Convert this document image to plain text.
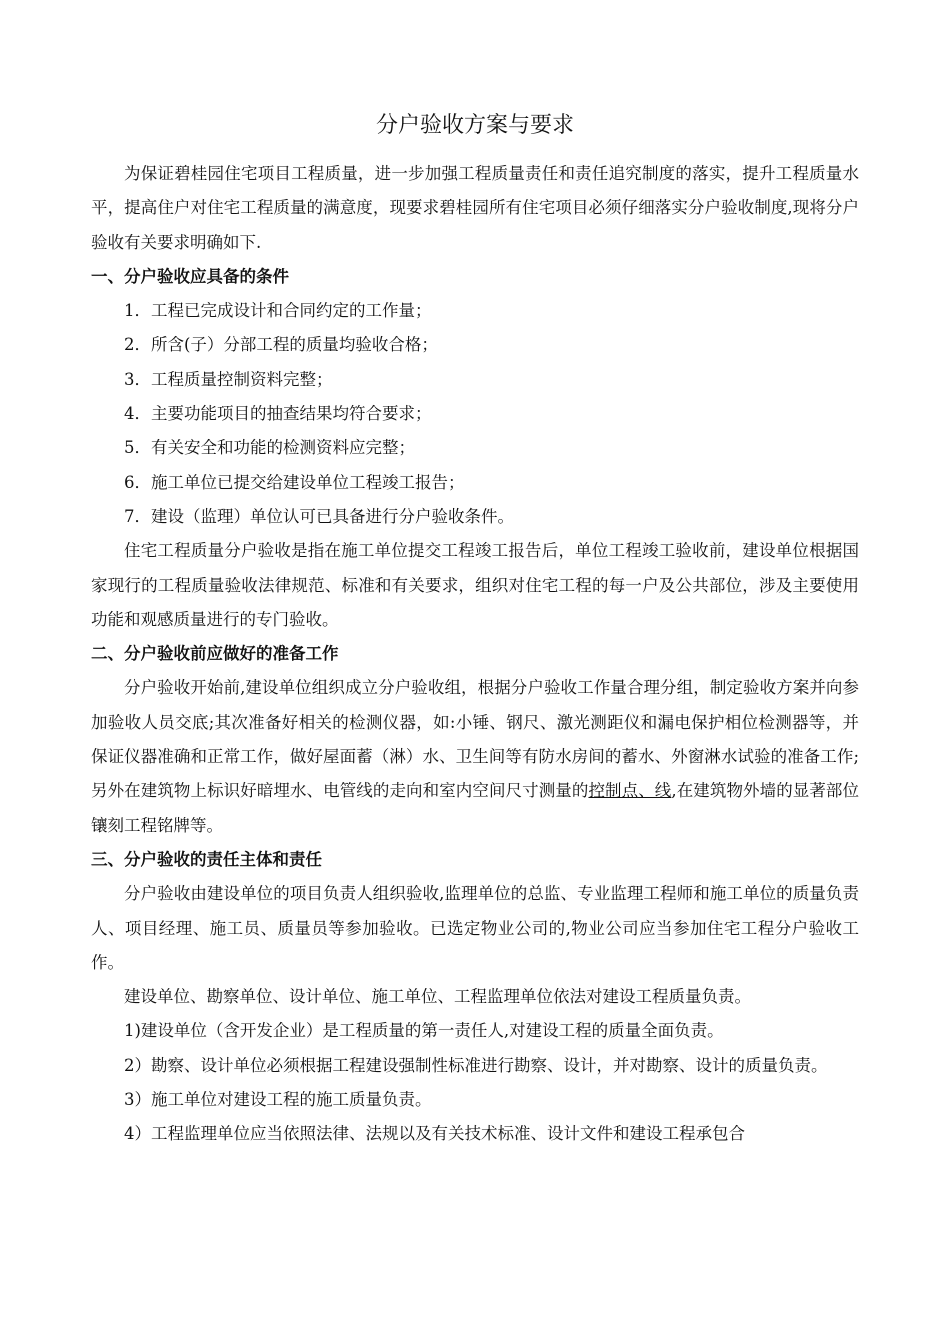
分户验收方案与要求

为保证碧桂园住宅项目工程质量，进一步加强工程质量责任和责任追究制度的落实，提升工程质量水平，提高住户对住宅工程质量的满意度，现要求碧桂园所有住宅项目必须仔细落实分户验收制度,现将分户验收有关要求明确如下.

一、分户验收应具备的条件

1．工程已完成设计和合同约定的工作量；

2．所含(子）分部工程的质量均验收合格；

3．工程质量控制资料完整；

4．主要功能项目的抽查结果均符合要求；

5．有关安全和功能的检测资料应完整；

6．施工单位已提交给建设单位工程竣工报告；

7．建设（监理）单位认可已具备进行分户验收条件。

住宅工程质量分户验收是指在施工单位提交工程竣工报告后，单位工程竣工验收前，建设单位根据国家现行的工程质量验收法律规范、标准和有关要求，组织对住宅工程的每一户及公共部位，涉及主要使用功能和观感质量进行的专门验收。

二、分户验收前应做好的准备工作

分户验收开始前,建设单位组织成立分户验收组，根据分户验收工作量合理分组，制定验收方案并向参加验收人员交底;其次准备好相关的检测仪器，如:小锤、钢尺、激光测距仪和漏电保护相位检测器等，并保证仪器准确和正常工作，做好屋面蓄（淋）水、卫生间等有防水房间的蓄水、外窗淋水试验的准备工作;另外在建筑物上标识好暗埋水、电管线的走向和室内空间尺寸测量的控制点、线,在建筑物外墙的显著部位镶刻工程铭牌等。

三、分户验收的责任主体和责任

分户验收由建设单位的项目负责人组织验收,监理单位的总监、专业监理工程师和施工单位的质量负责人、项目经理、施工员、质量员等参加验收。已选定物业公司的,物业公司应当参加住宅工程分户验收工作。

建设单位、勘察单位、设计单位、施工单位、工程监理单位依法对建设工程质量负责。

1)建设单位（含开发企业）是工程质量的第一责任人,对建设工程的质量全面负责。

2）勘察、设计单位必须根据工程建设强制性标准进行勘察、设计，并对勘察、设计的质量负责。

3）施工单位对建设工程的施工质量负责。

4）工程监理单位应当依照法律、法规以及有关技术标准、设计文件和建设工程承包合
